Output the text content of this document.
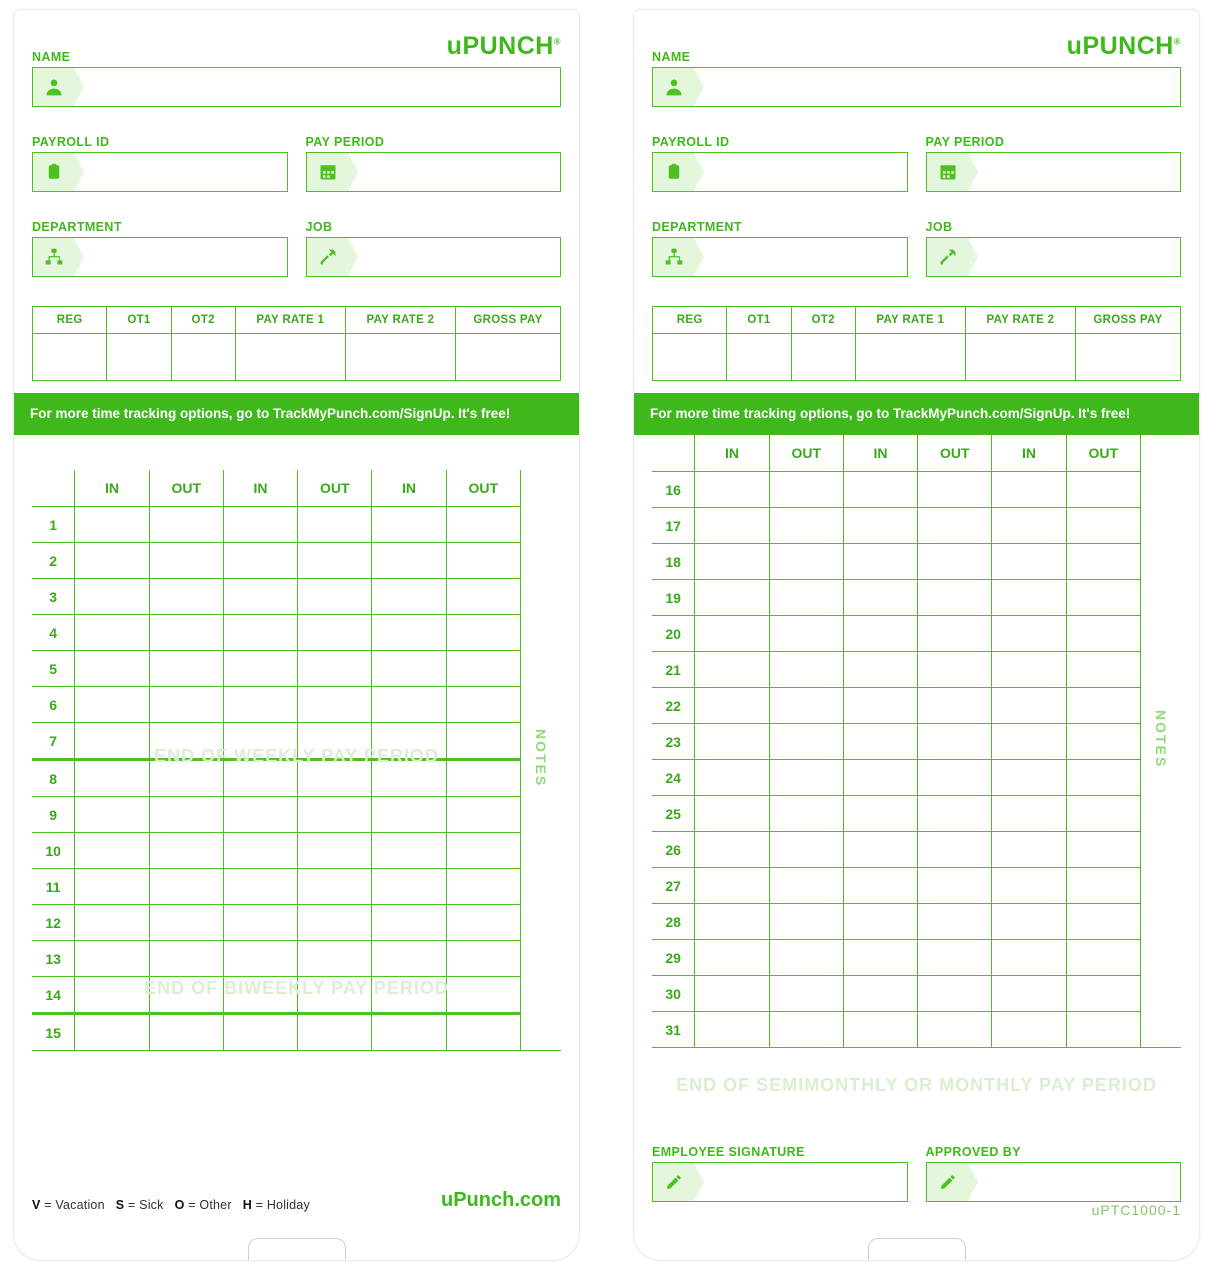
uPUNCH®
NAME
PAYROLL ID	PAY PERIOD
DEPARTMENT	JOB
REG	OT1	OT2	PAY RATE 1	PAY RATE 2	GROSS PAY

For more time tracking options, go to TrackMyPunch.com/SignUp. It's free!
	IN	OUT	IN	OUT	IN	OUT	NOTES
1							
2							
3							
4							
5							
6							
7							
8							
9							
10							
11							
12							
13							
14							
15							
END OF WEEKLY PAY PERIOD
END OF BIWEEKLY PAY PERIOD
V = Vacation S = Sick O = Other H = Holiday	uPunch.com
uPUNCH®
NAME
PAYROLL ID	PAY PERIOD
DEPARTMENT	JOB
REG	OT1	OT2	PAY RATE 1	PAY RATE 2	GROSS PAY

For more time tracking options, go to TrackMyPunch.com/SignUp. It's free!
	IN	OUT	IN	OUT	IN	OUT	NOTES
16							
17							
18							
19							
20							
21							
22							
23							
24							
25							
26							
27							
28							
29							
30							
31							
END OF SEMIMONTHLY OR MONTHLY PAY PERIOD
EMPLOYEE SIGNATURE	APPROVED BY
uPTC1000-1
